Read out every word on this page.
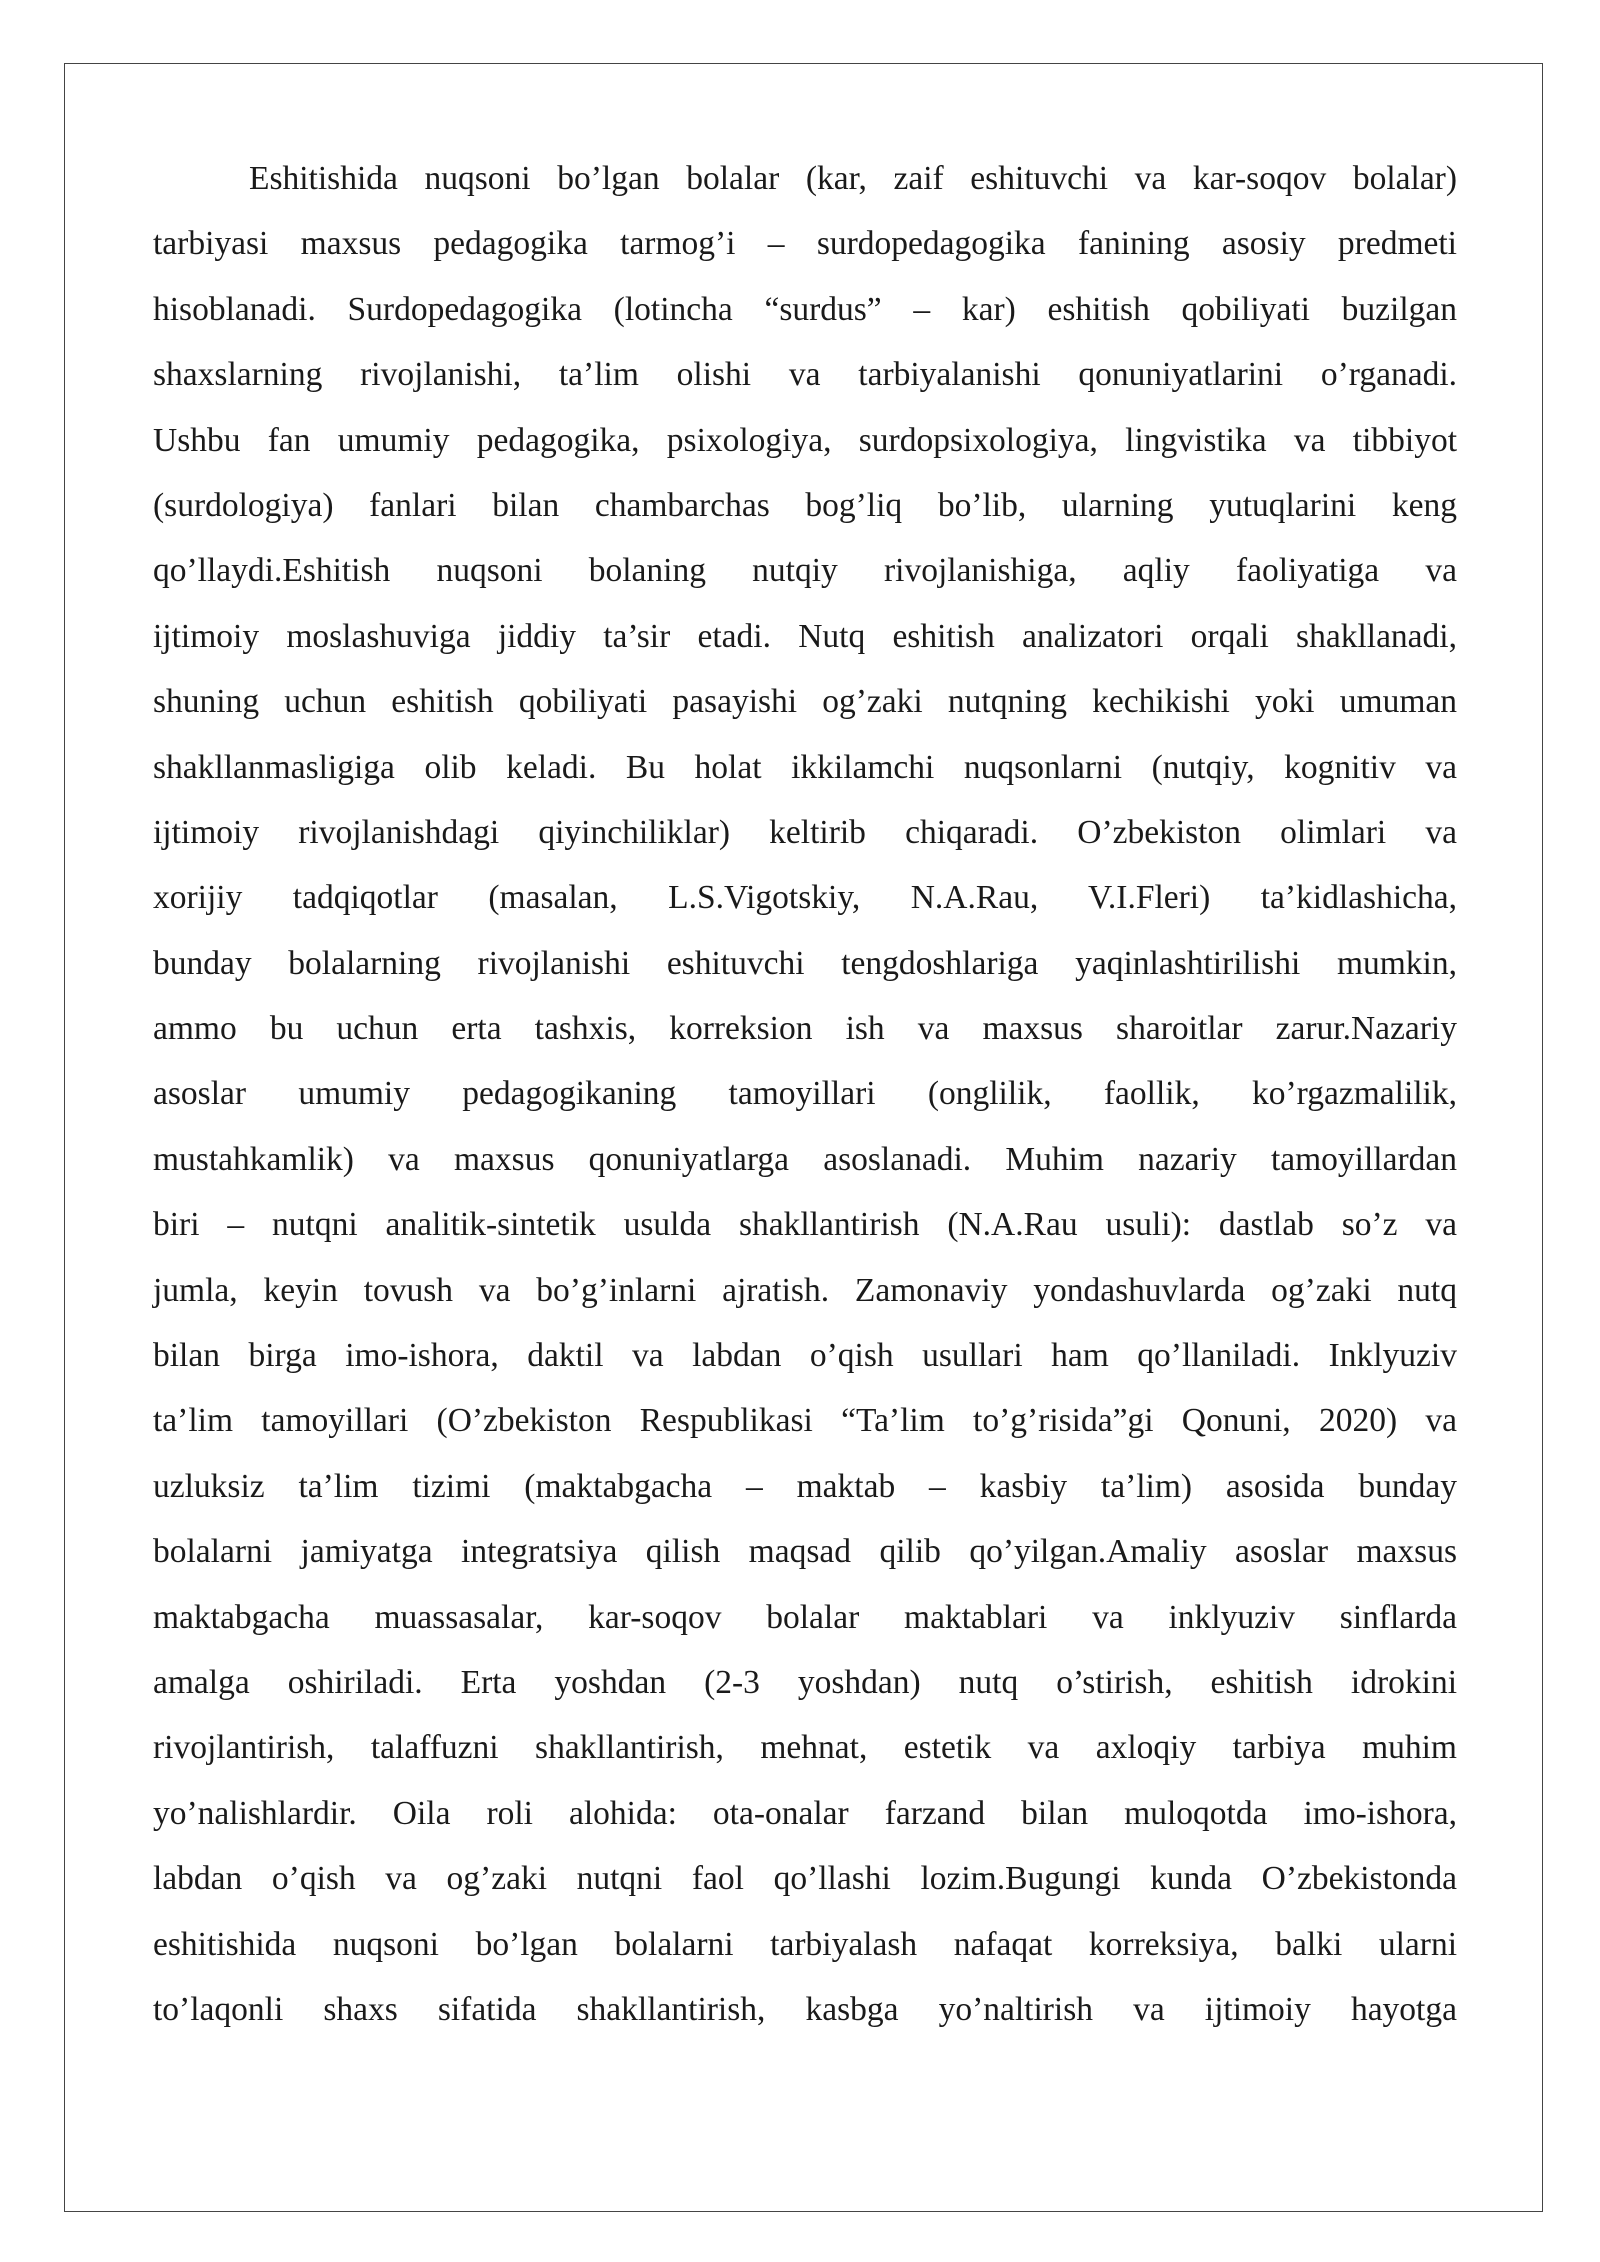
Eshitishida nuqsoni bo’lgan bolalar (kar, zaif eshituvchi va kar-soqov bolalar)
tarbiyasi maxsus pedagogika tarmog’i – surdopedagogika fanining asosiy predmeti
hisoblanadi. Surdopedagogika (lotincha “surdus” – kar) eshitish qobiliyati buzilgan
shaxslarning rivojlanishi, ta’lim olishi va tarbiyalanishi qonuniyatlarini o’rganadi.
Ushbu fan umumiy pedagogika, psixologiya, surdopsixologiya, lingvistika va tibbiyot
(surdologiya) fanlari bilan chambarchas bog’liq bo’lib, ularning yutuqlarini keng
qo’llaydi.Eshitish nuqsoni bolaning nutqiy rivojlanishiga, aqliy faoliyatiga va
ijtimoiy moslashuviga jiddiy ta’sir etadi. Nutq eshitish analizatori orqali shakllanadi,
shuning uchun eshitish qobiliyati pasayishi og’zaki nutqning kechikishi yoki umuman
shakllanmasligiga olib keladi. Bu holat ikkilamchi nuqsonlarni (nutqiy, kognitiv va
ijtimoiy rivojlanishdagi qiyinchiliklar) keltirib chiqaradi. O’zbekiston olimlari va
xorijiy tadqiqotlar (masalan, L.S.Vigotskiy, N.A.Rau, V.I.Fleri) ta’kidlashicha,
bunday bolalarning rivojlanishi eshituvchi tengdoshlariga yaqinlashtirilishi mumkin,
ammo bu uchun erta tashxis, korreksion ish va maxsus sharoitlar zarur.Nazariy
asoslar umumiy pedagogikaning tamoyillari (onglilik, faollik, ko’rgazmalilik,
mustahkamlik) va maxsus qonuniyatlarga asoslanadi. Muhim nazariy tamoyillardan
biri – nutqni analitik-sintetik usulda shakllantirish (N.A.Rau usuli): dastlab so’z va
jumla, keyin tovush va bo’g’inlarni ajratish. Zamonaviy yondashuvlarda og’zaki nutq
bilan birga imo-ishora, daktil va labdan o’qish usullari ham qo’llaniladi. Inklyuziv
ta’lim tamoyillari (O’zbekiston Respublikasi “Ta’lim to’g’risida”gi Qonuni, 2020) va
uzluksiz ta’lim tizimi (maktabgacha – maktab – kasbiy ta’lim) asosida bunday
bolalarni jamiyatga integratsiya qilish maqsad qilib qo’yilgan.Amaliy asoslar maxsus
maktabgacha muassasalar, kar-soqov bolalar maktablari va inklyuziv sinflarda
amalga oshiriladi. Erta yoshdan (2-3 yoshdan) nutq o’stirish, eshitish idrokini
rivojlantirish, talaffuzni shakllantirish, mehnat, estetik va axloqiy tarbiya muhim
yo’nalishlardir. Oila roli alohida: ota-onalar farzand bilan muloqotda imo-ishora,
labdan o’qish va og’zaki nutqni faol qo’llashi lozim.Bugungi kunda O’zbekistonda
eshitishida nuqsoni bo’lgan bolalarni tarbiyalash nafaqat korreksiya, balki ularni
to’laqonli shaxs sifatida shakllantirish, kasbga yo’naltirish va ijtimoiy hayotga
